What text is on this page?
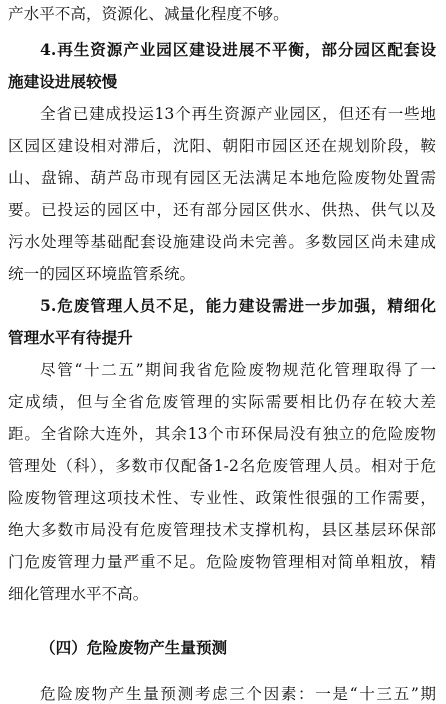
产水平不高，资源化、减量化程度不够。
4.再生资源产业园区建设进展不平衡，部分园区配套设
施建设进展较慢
全省已建成投运13个再生资源产业园区，但还有一些地
区园区建设相对滞后，沈阳、朝阳市园区还在规划阶段，鞍
山、盘锦、葫芦岛市现有园区无法满足本地危险废物处置需
要。已投运的园区中，还有部分园区供水、供热、供气以及
污水处理等基础配套设施建设尚未完善。多数园区尚未建成
统一的园区环境监管系统。
5.危废管理人员不足，能力建设需进一步加强，精细化
管理水平有待提升
尽管“十二五”期间我省危险废物规范化管理取得了一
定成绩，但与全省危废管理的实际需要相比仍存在较大差
距。全省除大连外，其余13个市环保局没有独立的危险废物
管理处（科），多数市仅配备1-2名危废管理人员。相对于危
险废物管理这项技术性、专业性、政策性很强的工作需要，
绝大多数市局没有危废管理技术支撑机构，县区基层环保部
门危废管理力量严重不足。危险废物管理相对简单粗放，精
细化管理水平不高。
（四）危险废物产生量预测
危险废物产生量预测考虑三个因素：一是“十三五”期
